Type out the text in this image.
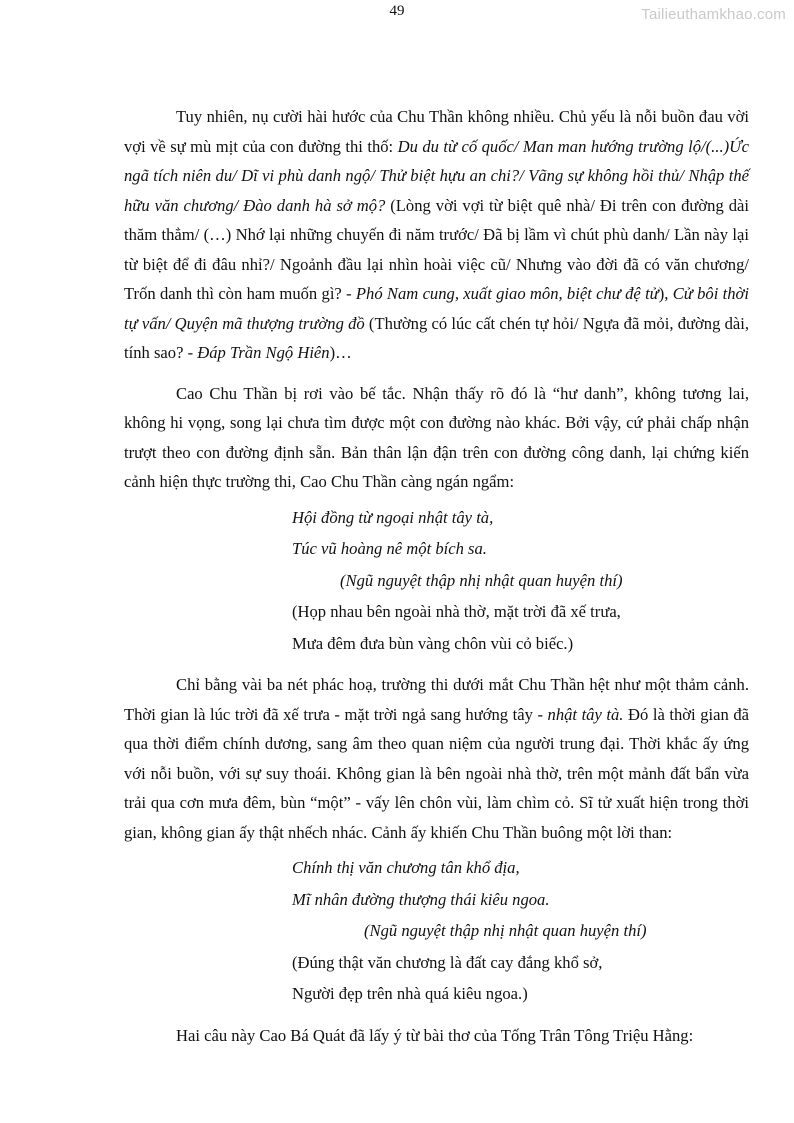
49	Tailieuthamkhao.com

Tuy nhiên, nụ cười hài hước của Chu Thần không nhiều. Chủ yếu là nỗi buồn đau vời vợi về sự mù mịt của con đường thi thố: Du du từ cố quốc/ Man man hướng trường lộ/(...)Ức ngã tích niên du/ Dĩ vi phù danh ngộ/ Thử biệt hựu an chi?/ Vãng sự không hồi thủ/ Nhập thế hữu văn chương/ Đào danh hà sở mộ? (Lòng vời vợi từ biệt quê nhà/ Đi trên con đường dài thăm thẳm/ (…) Nhớ lại những chuyến đi năm trước/ Đã bị lầm vì chút phù danh/ Lần này lại từ biệt để đi đâu nhỉ?/ Ngoảnh đầu lại nhìn hoài việc cũ/ Nhưng vào đời đã có văn chương/ Trốn danh thì còn ham muốn gì? - Phó Nam cung, xuất giao môn, biệt chư đệ tử), Cử bôi thời tự vấn/ Quyện mã thượng trường đồ (Thường có lúc cất chén tự hỏi/ Ngựa đã mỏi, đường dài, tính sao? - Đáp Trần Ngộ Hiên)…

Cao Chu Thần bị rơi vào bế tắc. Nhận thấy rõ đó là “hư danh”, không tương lai, không hi vọng, song lại chưa tìm được một con đường nào khác. Bởi vậy, cứ phải chấp nhận trượt theo con đường định sẵn. Bản thân lận đận trên con đường công danh, lại chứng kiến cảnh hiện thực trường thi, Cao Chu Thần càng ngán ngẩm:

Hội đồng từ ngoại nhật tây tà,
Túc vũ hoàng nê một bích sa.
(Ngũ nguyệt thập nhị nhật quan huyện thí)
(Họp nhau bên ngoài nhà thờ, mặt trời đã xế trưa,
Mưa đêm đưa bùn vàng chôn vùi cỏ biếc.)

Chỉ bằng vài ba nét phác hoạ, trường thi dưới mắt Chu Thần hệt như một thảm cảnh. Thời gian là lúc trời đã xế trưa - mặt trời ngả sang hướng tây - nhật tây tà. Đó là thời gian đã qua thời điểm chính dương, sang âm theo quan niệm của người trung đại. Thời khắc ấy ứng với nỗi buồn, với sự suy thoái. Không gian là bên ngoài nhà thờ, trên một mảnh đất bẩn vừa trải qua cơn mưa đêm, bùn “một” - vấy lên chôn vùi, làm chìm cỏ. Sĩ tử xuất hiện trong thời gian, không gian ấy thật nhếch nhác. Cảnh ấy khiến Chu Thần buông một lời than:

Chính thị văn chương tân khổ địa,
Mĩ nhân đường thượng thái kiêu ngoa.
(Ngũ nguyệt thập nhị nhật quan huyện thí)
(Đúng thật văn chương là đất cay đắng khổ sở,
Người đẹp trên nhà quá kiêu ngoa.)

Hai câu này Cao Bá Quát đã lấy ý từ bài thơ của Tống Trân Tông Triệu Hằng:
